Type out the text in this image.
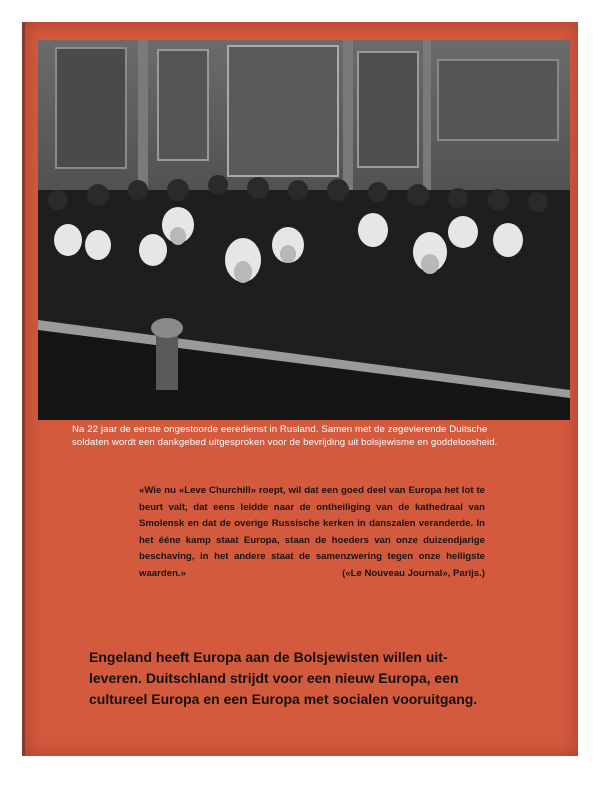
Na 22 jaar de eerste ongestoorde eeredienst in Rusland. Samen met de zegevierende Duitsche
soldaten wordt een dankgebed uitgesproken voor de bevrijding uit bolsjewisme en goddeloosheid.
«Wie nu «Leve Churchill» roept, wil dat een goed deel van Europa het lot te beurt valt, dat eens leidde naar de ontheiliging van de kathedraal van Smolensk en dat de overige Russische kerken in danszalen veranderde. In het ééne kamp staat Europa, staan de hoeders van onze duizendjarige beschaving, in het andere staat de samenzwering tegen onze heiligste waarden.»	(«Le Nouveau Journal», Parijs.)
Engeland heeft Europa aan de Bolsjewisten willen uit-
leveren. Duitschland strijdt voor een nieuw Europa, een
cultureel Europa en een Europa met socialen vooruitgang.
